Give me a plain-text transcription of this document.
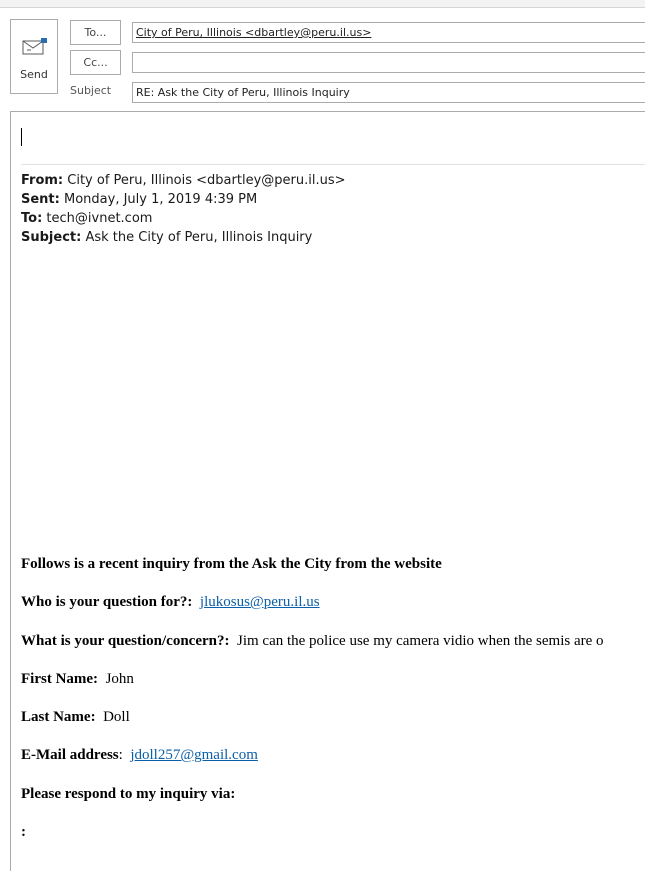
Send
To...
Cc...
Subject
City of Peru, Illinois <dbartley@peru.il.us>
RE: Ask the City of Peru, Illinois Inquiry
From: City of Peru, Illinois <dbartley@peru.il.us>
Sent: Monday, July 1, 2019 4:39 PM
To: tech@ivnet.com
Subject: Ask the City of Peru, Illinois Inquiry
Follows is a recent inquiry from the Ask the City from the website
Who is your question for?: jlukosus@peru.il.us
What is your question/concern?: Jim can the police use my camera vidio when the semis are o
First Name: John
Last Name: Doll
E-Mail address:  jdoll257@gmail.com
Please respond to my inquiry via:
:
